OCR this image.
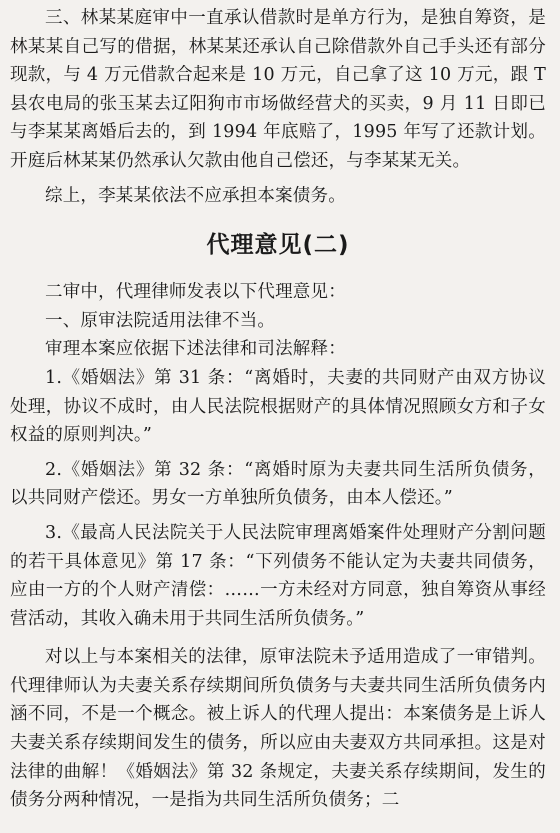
三、林某某庭审中一直承认借款时是单方行为，是独自筹资，是林某某自己写的借据，林某某还承认自己除借款外自己手头还有部分现款，与 4 万元借款合起来是 10 万元，自己拿了这 10 万元，跟 T 县农电局的张玉某去辽阳狗市市场做经营犬的买卖，9 月 11 日即已与李某某离婚后去的，到 1994 年底赔了，1995 年写了还款计划。开庭后林某某仍然承认欠款由他自己偿还，与李某某无关。

综上，李某某依法不应承担本案债务。

代理意见(二)

二审中，代理律师发表以下代理意见：

一、原审法院适用法律不当。

审理本案应依据下述法律和司法解释：

1.《婚姻法》第 31 条：“离婚时，夫妻的共同财产由双方协议处理，协议不成时，由人民法院根据财产的具体情况照顾女方和子女权益的原则判决。”

2.《婚姻法》第 32 条：“离婚时原为夫妻共同生活所负债务，以共同财产偿还。男女一方单独所负债务，由本人偿还。”

3.《最高人民法院关于人民法院审理离婚案件处理财产分割问题的若干具体意见》第 17 条：“下列债务不能认定为夫妻共同债务，应由一方的个人财产清偿：……一方未经对方同意，独自筹资从事经营活动，其收入确未用于共同生活所负债务。”

对以上与本案相关的法律，原审法院未予适用造成了一审错判。代理律师认为夫妻关系存续期间所负债务与夫妻共同生活所负债务内涵不同，不是一个概念。被上诉人的代理人提出：本案债务是上诉人夫妻关系存续期间发生的债务，所以应由夫妻双方共同承担。这是对法律的曲解！《婚姻法》第 32 条规定，夫妻关系存续期间，发生的债务分两种情况，一是指为共同生活所负债务；二
